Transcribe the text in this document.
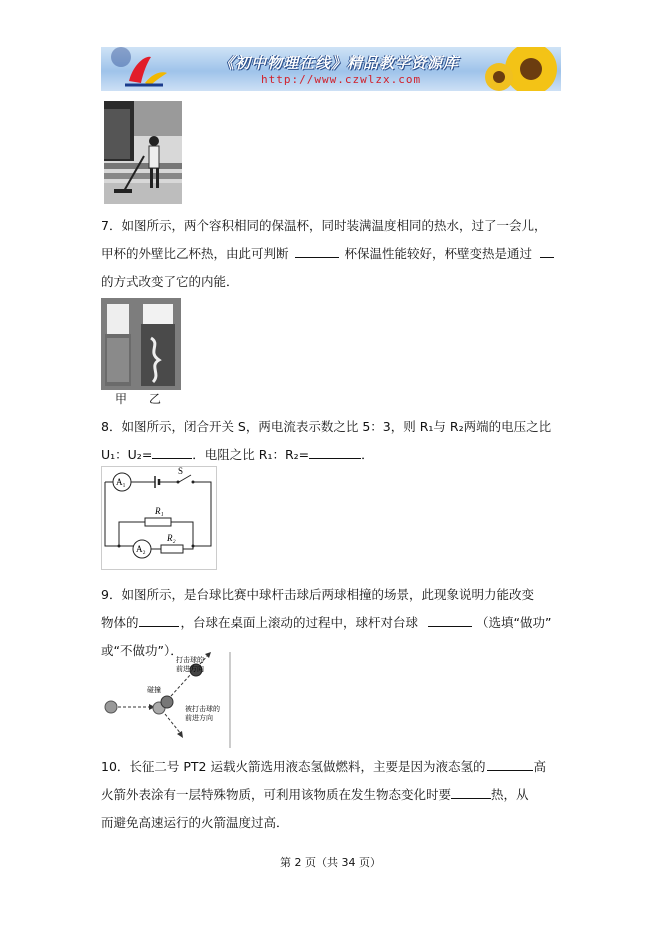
《初中物理在线》精品教学资源库
http://www.czwlzx.com
7．如图所示，两个容积相同的保温杯，同时装满温度相同的热水，过了一会儿，
甲杯的外壁比乙杯热，由此可判断	杯保温性能较好，杯壁变热是通过
的方式改变了它的内能．
甲 乙
8．如图所示，闭合开关 S，两电流表示数之比 5：3，则 R₁与 R₂两端的电压之比
U₁：U₂=	．电阻之比 R₁：R₂=	．
A₁
A₂
S
R₁
R₂
9．如图所示，是台球比赛中球杆击球后两球相撞的场景，此现象说明力能改变
物体的	，台球在桌面上滚动的过程中，球杆对台球	（选填“做功”
或“不做功”）．
打击球的
前进方向
碰撞
被打击球的
前进方向
10．长征二号 PT2 运载火箭选用液态氢做燃料，主要是因为液态氢的	高
火箭外表涂有一层特殊物质，可利用该物质在发生物态变化时要	热，从
而避免高速运行的火箭温度过高．
第 2 页（共 34 页）
